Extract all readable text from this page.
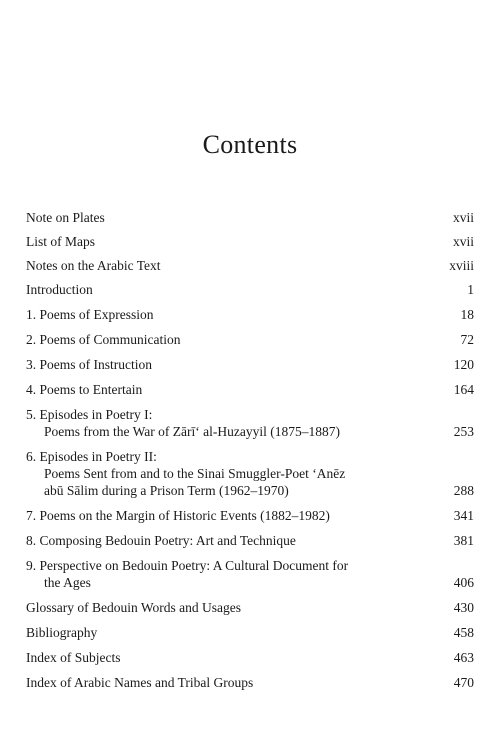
Contents
Note on Plates	xvii
List of Maps	xvii
Notes on the Arabic Text	xviii
Introduction	1
1. Poems of Expression	18
2. Poems of Communication	72
3. Poems of Instruction	120
4. Poems to Entertain	164
5. Episodes in Poetry I:
Poems from the War of Zārī‘ al-Huzayyil (1875–1887)	253
6. Episodes in Poetry II:
Poems Sent from and to the Sinai Smuggler-Poet ‘Anēz
abū Sālim during a Prison Term (1962–1970)	288
7. Poems on the Margin of Historic Events (1882–1982)	341
8. Composing Bedouin Poetry: Art and Technique	381
9. Perspective on Bedouin Poetry: A Cultural Document for
the Ages	406
Glossary of Bedouin Words and Usages	430
Bibliography	458
Index of Subjects	463
Index of Arabic Names and Tribal Groups	470
